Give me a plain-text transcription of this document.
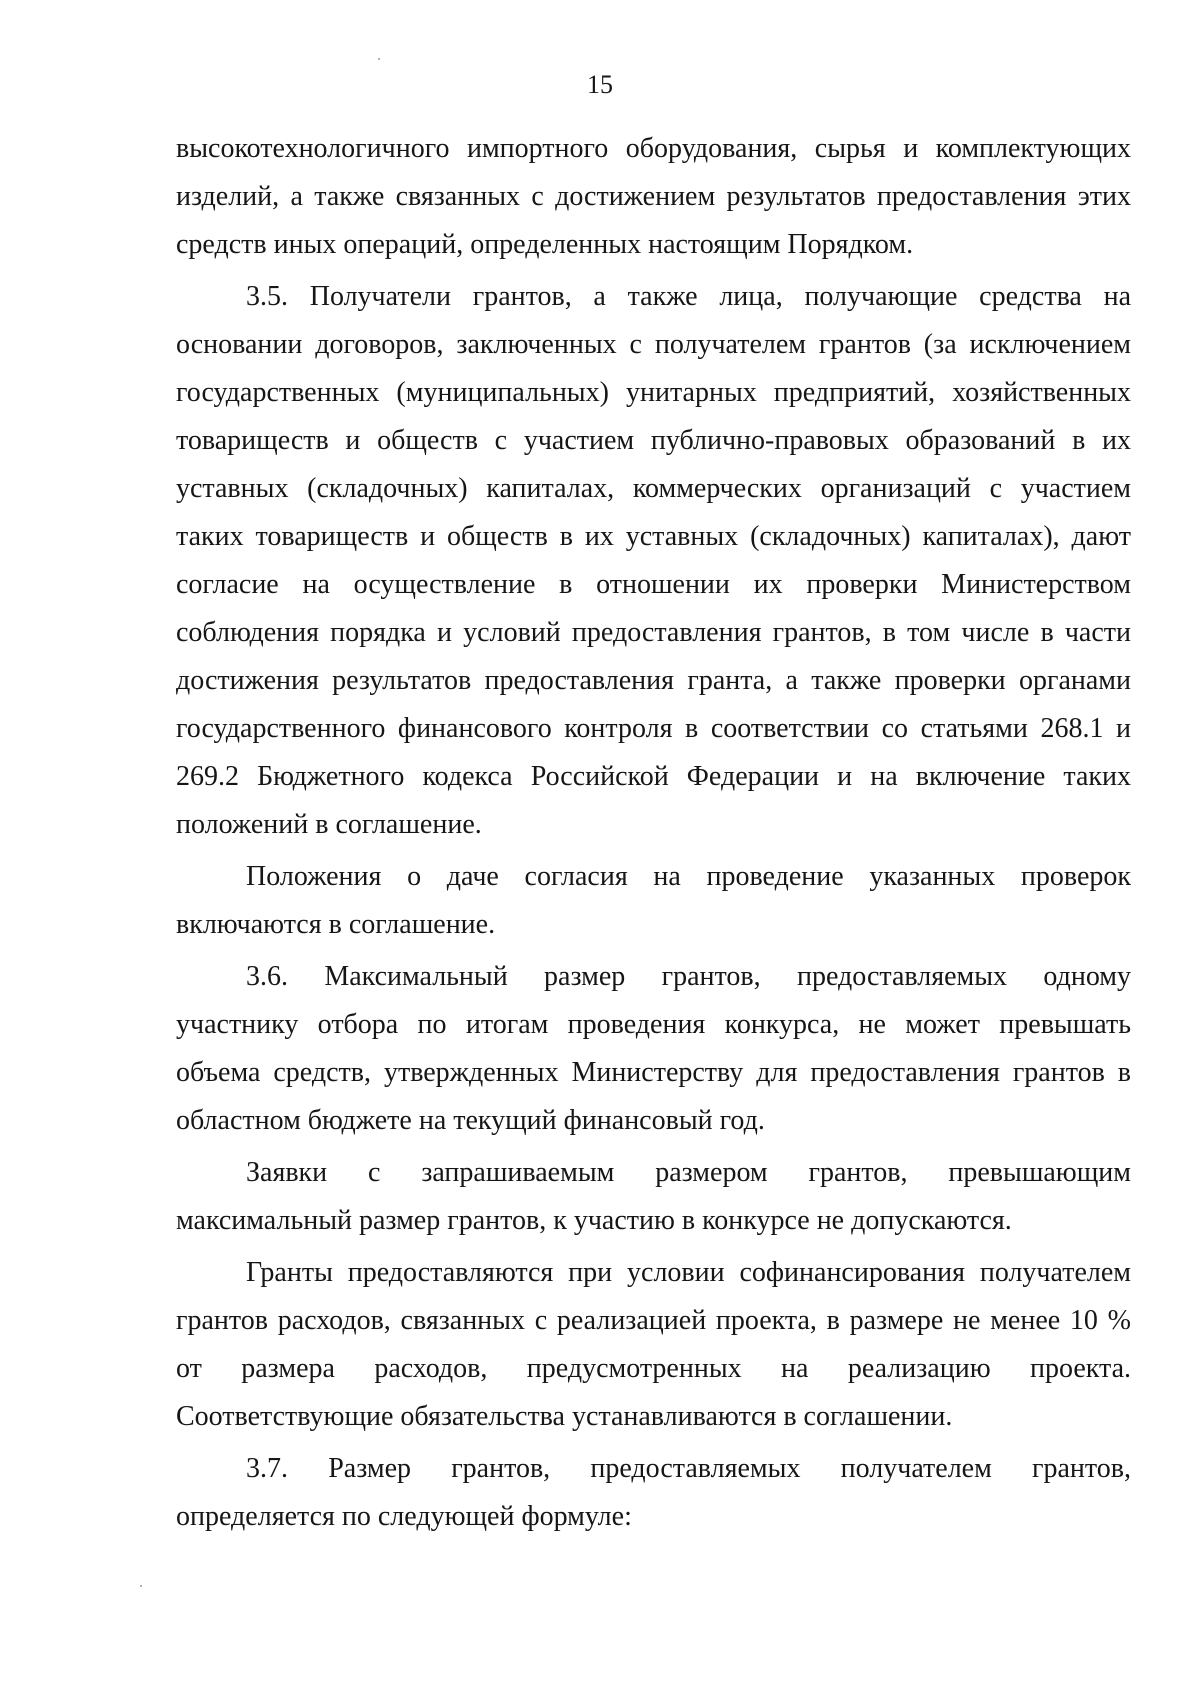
15
высокотехнологичного импортного оборудования, сырья и комплектующих
изделий, а также связанных с достижением результатов предоставления этих
средств иных операций, определенных настоящим Порядком.
3.5. Получатели грантов, а также лица, получающие средства на
основании договоров, заключенных с получателем грантов (за исключением
государственных (муниципальных) унитарных предприятий, хозяйственных
товариществ и обществ с участием публично-правовых образований в их
уставных (складочных) капиталах, коммерческих организаций с участием
таких товариществ и обществ в их уставных (складочных) капиталах), дают
согласие на осуществление в отношении их проверки Министерством
соблюдения порядка и условий предоставления грантов, в том числе в части
достижения результатов предоставления гранта, а также проверки органами
государственного финансового контроля в соответствии со статьями 268.1 и
269.2 Бюджетного кодекса Российской Федерации и на включение таких
положений в соглашение.
Положения о даче согласия на проведение указанных проверок
включаются в соглашение.
3.6. Максимальный размер грантов, предоставляемых одному
участнику отбора по итогам проведения конкурса, не может превышать
объема средств, утвержденных Министерству для предоставления грантов в
областном бюджете на текущий финансовый год.
Заявки с запрашиваемым размером грантов, превышающим
максимальный размер грантов, к участию в конкурсе не допускаются.
Гранты предоставляются при условии софинансирования получателем
грантов расходов, связанных с реализацией проекта, в размере не менее 10 %
от размера расходов, предусмотренных на реализацию проекта.
Соответствующие обязательства устанавливаются в соглашении.
3.7. Размер грантов, предоставляемых получателем грантов,
определяется по следующей формуле:
